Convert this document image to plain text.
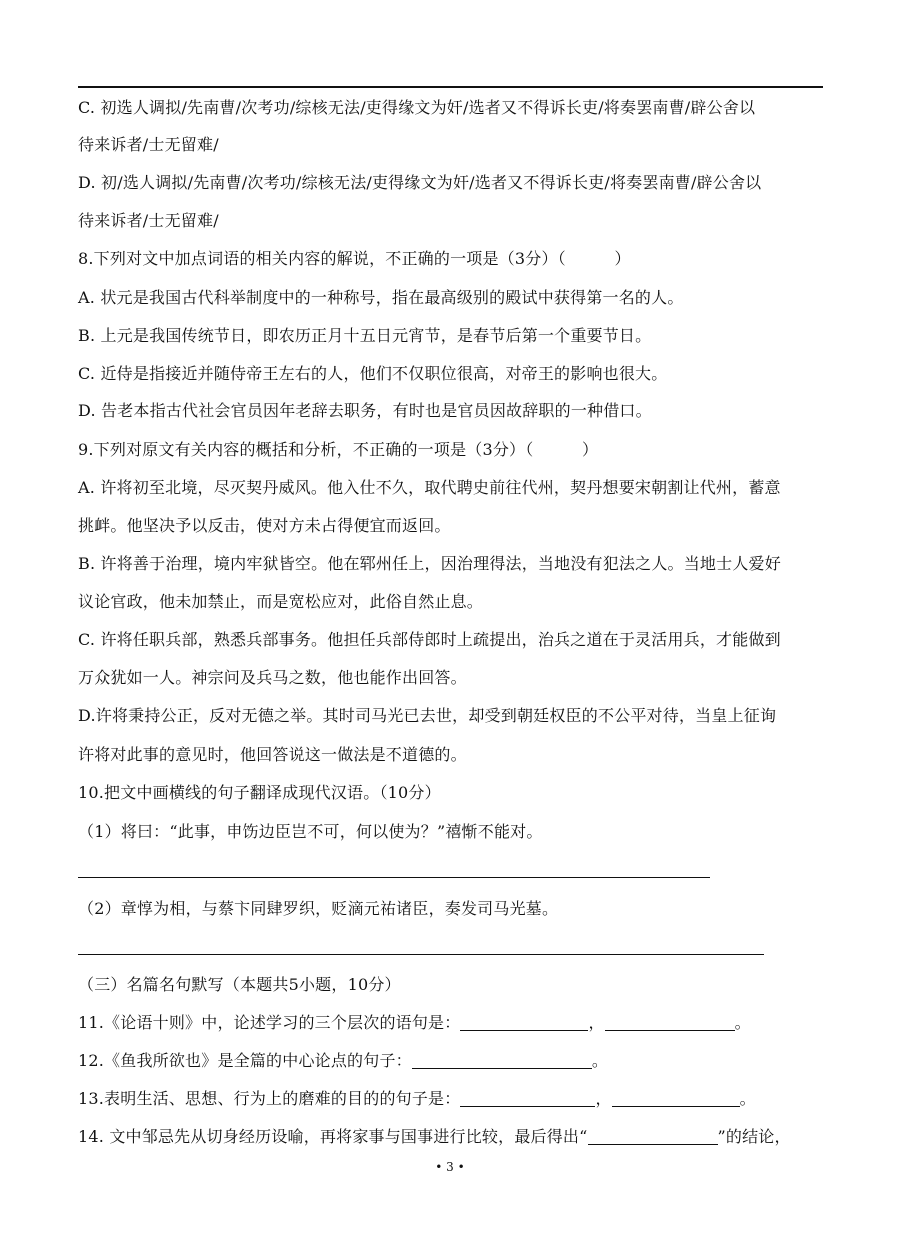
C. 初选人调拟/先南曹/次考功/综核无法/吏得缘文为奸/选者又不得诉长吏/将奏罢南曹/辟公舍以
待来诉者/士无留难/
D. 初/选人调拟/先南曹/次考功/综核无法/吏得缘文为奸/选者又不得诉长吏/将奏罢南曹/辟公舍以
待来诉者/士无留难/
8.下列对文中加点词语的相关内容的解说，不正确的一项是（3分）（　　　）
A. 状元是我国古代科举制度中的一种称号，指在最高级别的殿试中获得第一名的人。
B. 上元是我国传统节日，即农历正月十五日元宵节，是春节后第一个重要节日。
C. 近侍是指接近并随侍帝王左右的人，他们不仅职位很高，对帝王的影响也很大。
D. 告老本指古代社会官员因年老辞去职务，有时也是官员因故辞职的一种借口。
9.下列对原文有关内容的概括和分析，不正确的一项是（3分）（　　　）
A. 许将初至北境，尽灭契丹威风。他入仕不久，取代聘史前往代州，契丹想要宋朝割让代州，蓄意
挑衅。他坚决予以反击，使对方未占得便宜而返回。
B. 许将善于治理，境内牢狱皆空。他在郓州任上，因治理得法，当地没有犯法之人。当地士人爱好
议论官政，他未加禁止，而是宽松应对，此俗自然止息。
C. 许将任职兵部，熟悉兵部事务。他担任兵部侍郎时上疏提出，治兵之道在于灵活用兵，才能做到
万众犹如一人。神宗问及兵马之数，他也能作出回答。
D.许将秉持公正，反对无德之举。其时司马光已去世，却受到朝廷权臣的不公平对待，当皇上征询
许将对此事的意见时，他回答说这一做法是不道德的。
10.把文中画横线的句子翻译成现代汉语。（10分）
（1）将曰：“此事，申饬边臣岂不可，何以使为？”禧惭不能对。
（2）章惇为相，与蔡卞同肆罗织，贬滴元祐诸臣，奏发司马光墓。
（三）名篇名句默写（本题共5小题，10分）
11.《论语十则》中，论述学习的三个层次的语句是：	，	。
12.《鱼我所欲也》是全篇的中心论点的句子：	。
13.表明生活、思想、行为上的磨难的目的的句子是：	，	。
14. 文中邹忌先从切身经历设喻，再将家事与国事进行比较，最后得出“	”的结论，
• 3 •
